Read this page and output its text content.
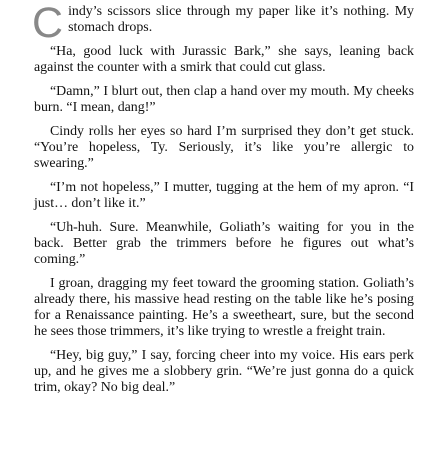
Cindy’s scissors slice through my paper like it’s nothing. My stomach drops.

“Ha, good luck with Jurassic Bark,” she says, leaning back against the counter with a smirk that could cut glass.

“Damn,” I blurt out, then clap a hand over my mouth. My cheeks burn. “I mean, dang!”

Cindy rolls her eyes so hard I’m surprised they don’t get stuck. “You’re hopeless, Ty. Seriously, it’s like you’re allergic to swearing.”

“I’m not hopeless,” I mutter, tugging at the hem of my apron. “I just… don’t like it.”

“Uh-huh. Sure. Meanwhile, Goliath’s waiting for you in the back. Better grab the trimmers before he figures out what’s coming.”

I groan, dragging my feet toward the grooming station. Goliath’s already there, his massive head resting on the table like he’s posing for a Renaissance painting. He’s a sweetheart, sure, but the second he sees those trimmers, it’s like trying to wrestle a freight train.

“Hey, big guy,” I say, forcing cheer into my voice. His ears perk up, and he gives me a slobbery grin. “We’re just gonna do a quick trim, okay? No big deal.”
